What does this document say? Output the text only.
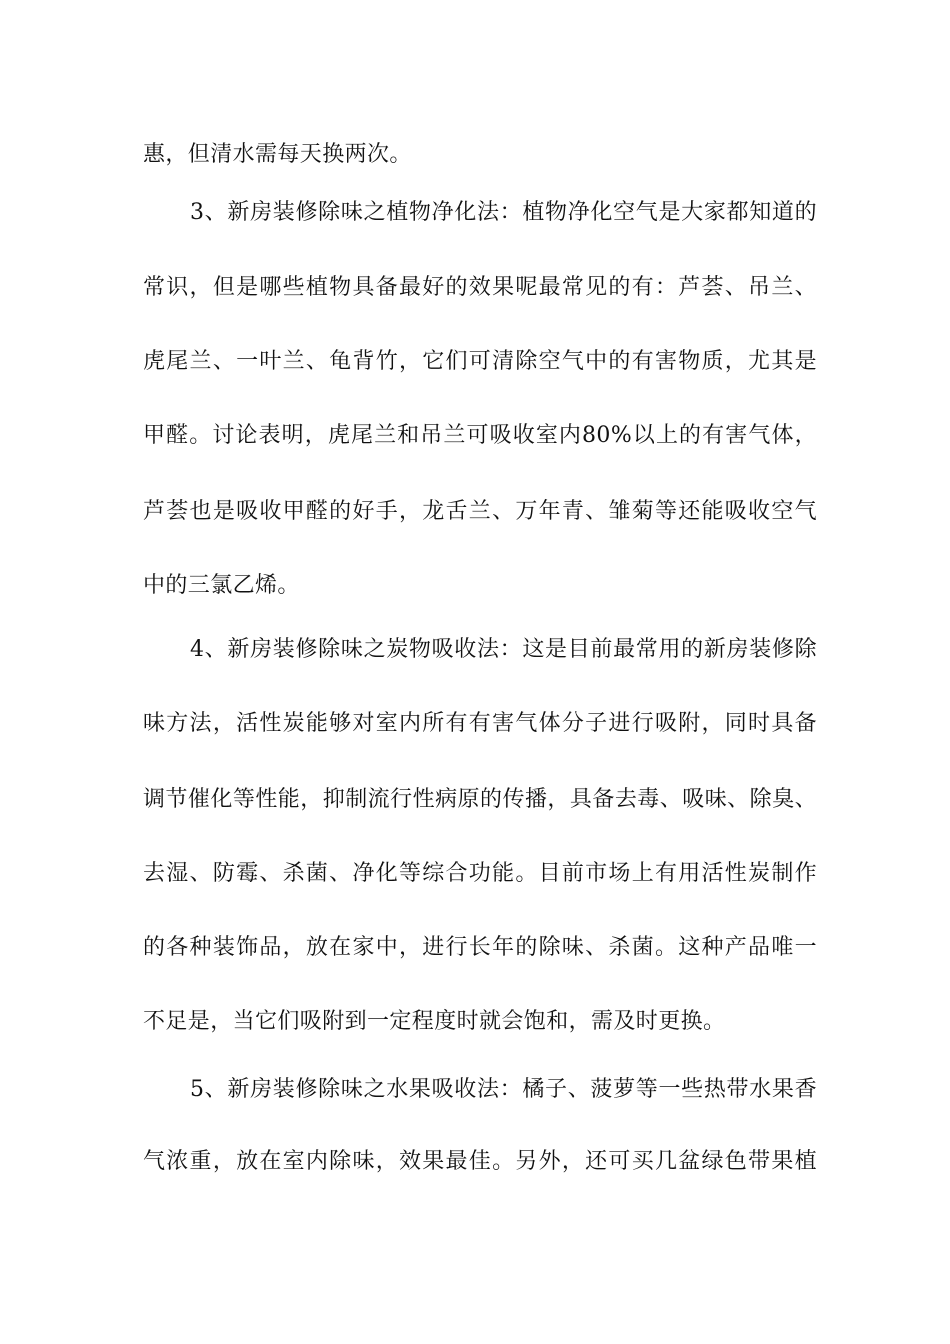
惠，但清水需每天换两次。
3、新房装修除味之植物净化法：植物净化空气是大家都知道的
常识，但是哪些植物具备最好的效果呢最常见的有：芦荟、吊兰、
虎尾兰、一叶兰、龟背竹，它们可清除空气中的有害物质，尤其是
甲醛。讨论表明，虎尾兰和吊兰可吸收室内80%以上的有害气体，
芦荟也是吸收甲醛的好手，龙舌兰、万年青、雏菊等还能吸收空气
中的三氯乙烯。
4、新房装修除味之炭物吸收法：这是目前最常用的新房装修除
味方法，活性炭能够对室内所有有害气体分子进行吸附，同时具备
调节催化等性能，抑制流行性病原的传播，具备去毒、吸味、除臭、
去湿、防霉、杀菌、净化等综合功能。目前市场上有用活性炭制作
的各种装饰品，放在家中，进行长年的除味、杀菌。这种产品唯一
不足是，当它们吸附到一定程度时就会饱和，需及时更换。
5、新房装修除味之水果吸收法：橘子、菠萝等一些热带水果香
气浓重，放在室内除味，效果最佳。另外，还可买几盆绿色带果植
